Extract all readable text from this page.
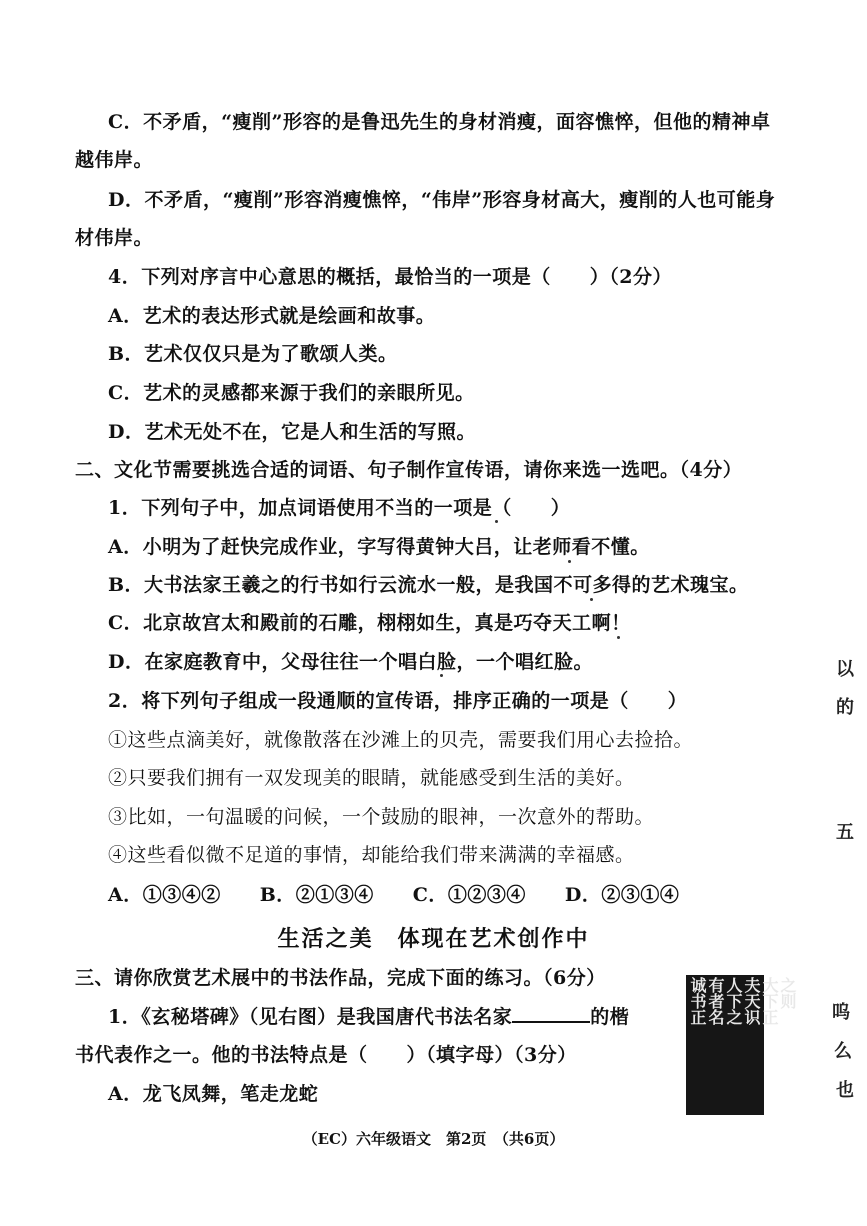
C．不矛盾，“瘦削”形容的是鲁迅先生的身材消瘦，面容憔悴，但他的精神卓
越伟岸。
D．不矛盾，“瘦削”形容消瘦憔悴，“伟岸”形容身材高大，瘦削的人也可能身
材伟岸。
4．下列对序言中心意思的概括，最恰当的一项是（　　）（2分）
A．艺术的表达形式就是绘画和故事。
B．艺术仅仅只是为了歌颂人类。
C．艺术的灵感都来源于我们的亲眼所见。
D．艺术无处不在，它是人和生活的写照。
二、文化节需要挑选合适的词语、句子制作宣传语，请你来选一选吧。（4分）
1．下列句子中，加点词语使用不当的一项是（　　）
A．小明为了赶快完成作业，字写得黄钟大吕，让老师看不懂。
B．大书法家王羲之的行书如行云流水一般，是我国不可多得的艺术瑰宝。
C．北京故宫太和殿前的石雕，栩栩如生，真是巧夺天工啊！
D．在家庭教育中，父母往往一个唱白脸，一个唱红脸。
2．将下列句子组成一段通顺的宣传语，排序正确的一项是（　　）
①这些点滴美好，就像散落在沙滩上的贝壳，需要我们用心去捡拾。
②只要我们拥有一双发现美的眼睛，就能感受到生活的美好。
③比如，一句温暖的问候，一个鼓励的眼神，一次意外的帮助。
④这些看似微不足道的事情，却能给我们带来满满的幸福感。
A．①③④②　　B．②①③④　　C．①②③④　　D．②③①④
生活之美　体现在艺术创作中
三、请你欣赏艺术展中的书法作品，完成下面的练习。（6分）
1．《玄秘塔碑》（见右图）是我国唐代书法名家	的楷
书代表作之一。他的书法特点是（　　）（填字母）（3分）
A．龙飞凤舞，笔走龙蛇
之则
大下正
夫天识
人下之
有者名
诚书正
以
的
五
呜
么
也
（EC）六年级语文　第2页　（共6页）
